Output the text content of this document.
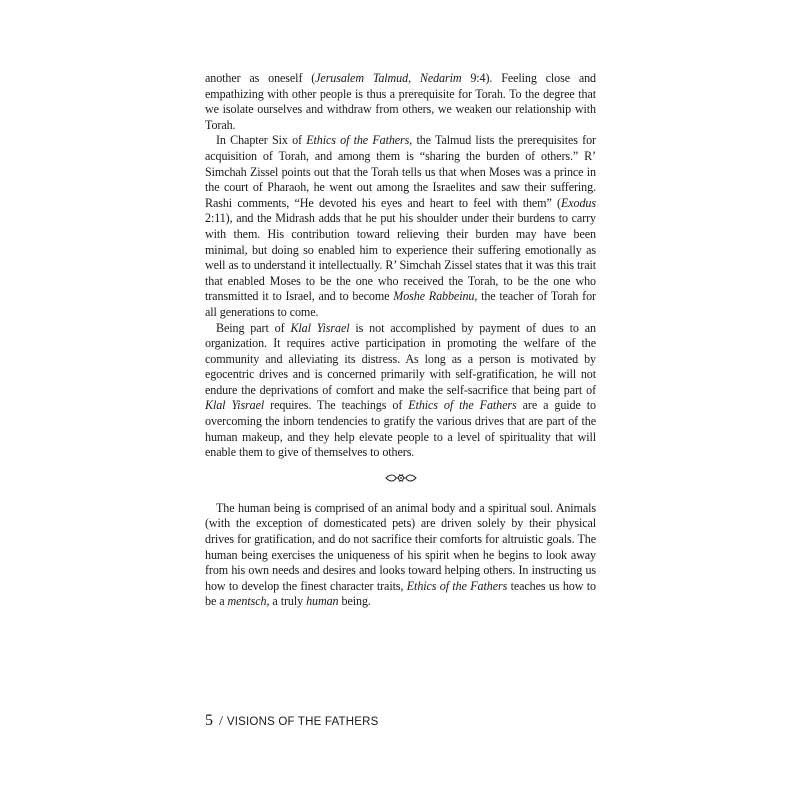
another as oneself (Jerusalem Talmud, Nedarim 9:4). Feeling close and empathizing with other people is thus a prerequisite for Torah. To the degree that we isolate ourselves and withdraw from others, we weaken our relationship with Torah.

In Chapter Six of Ethics of the Fathers, the Talmud lists the prerequisites for acquisition of Torah, and among them is “sharing the burden of others.” R’ Simchah Zissel points out that the Torah tells us that when Moses was a prince in the court of Pharaoh, he went out among the Israelites and saw their suffering. Rashi comments, “He devoted his eyes and heart to feel with them” (Exodus 2:11), and the Midrash adds that he put his shoulder under their burdens to carry with them. His contribution toward relieving their burden may have been minimal, but doing so enabled him to experience their suffering emotionally as well as to understand it intellectually. R’ Simchah Zissel states that it was this trait that enabled Moses to be the one who received the Torah, to be the one who transmitted it to Israel, and to become Moshe Rabbeinu, the teacher of Torah for all generations to come.

Being part of Klal Yisrael is not accomplished by payment of dues to an organization. It requires active participation in promoting the welfare of the community and alleviating its distress. As long as a person is motivated by egocentric drives and is concerned primarily with self-gratification, he will not endure the deprivations of comfort and make the self-sacrifice that being part of Klal Yisrael requires. The teachings of Ethics of the Fathers are a guide to overcoming the inborn tendencies to gratify the various drives that are part of the human makeup, and they help elevate people to a level of spirituality that will enable them to give of themselves to others.

The human being is comprised of an animal body and a spiritual soul. Animals (with the exception of domesticated pets) are driven solely by their physical drives for gratification, and do not sacrifice their comforts for altruistic goals. The human being exercises the uniqueness of his spirit when he begins to look away from his own needs and desires and looks toward helping others. In instructing us how to develop the finest character traits, Ethics of the Fathers teaches us how to be a mentsch, a truly human being.

5 / VISIONS OF THE FATHERS
